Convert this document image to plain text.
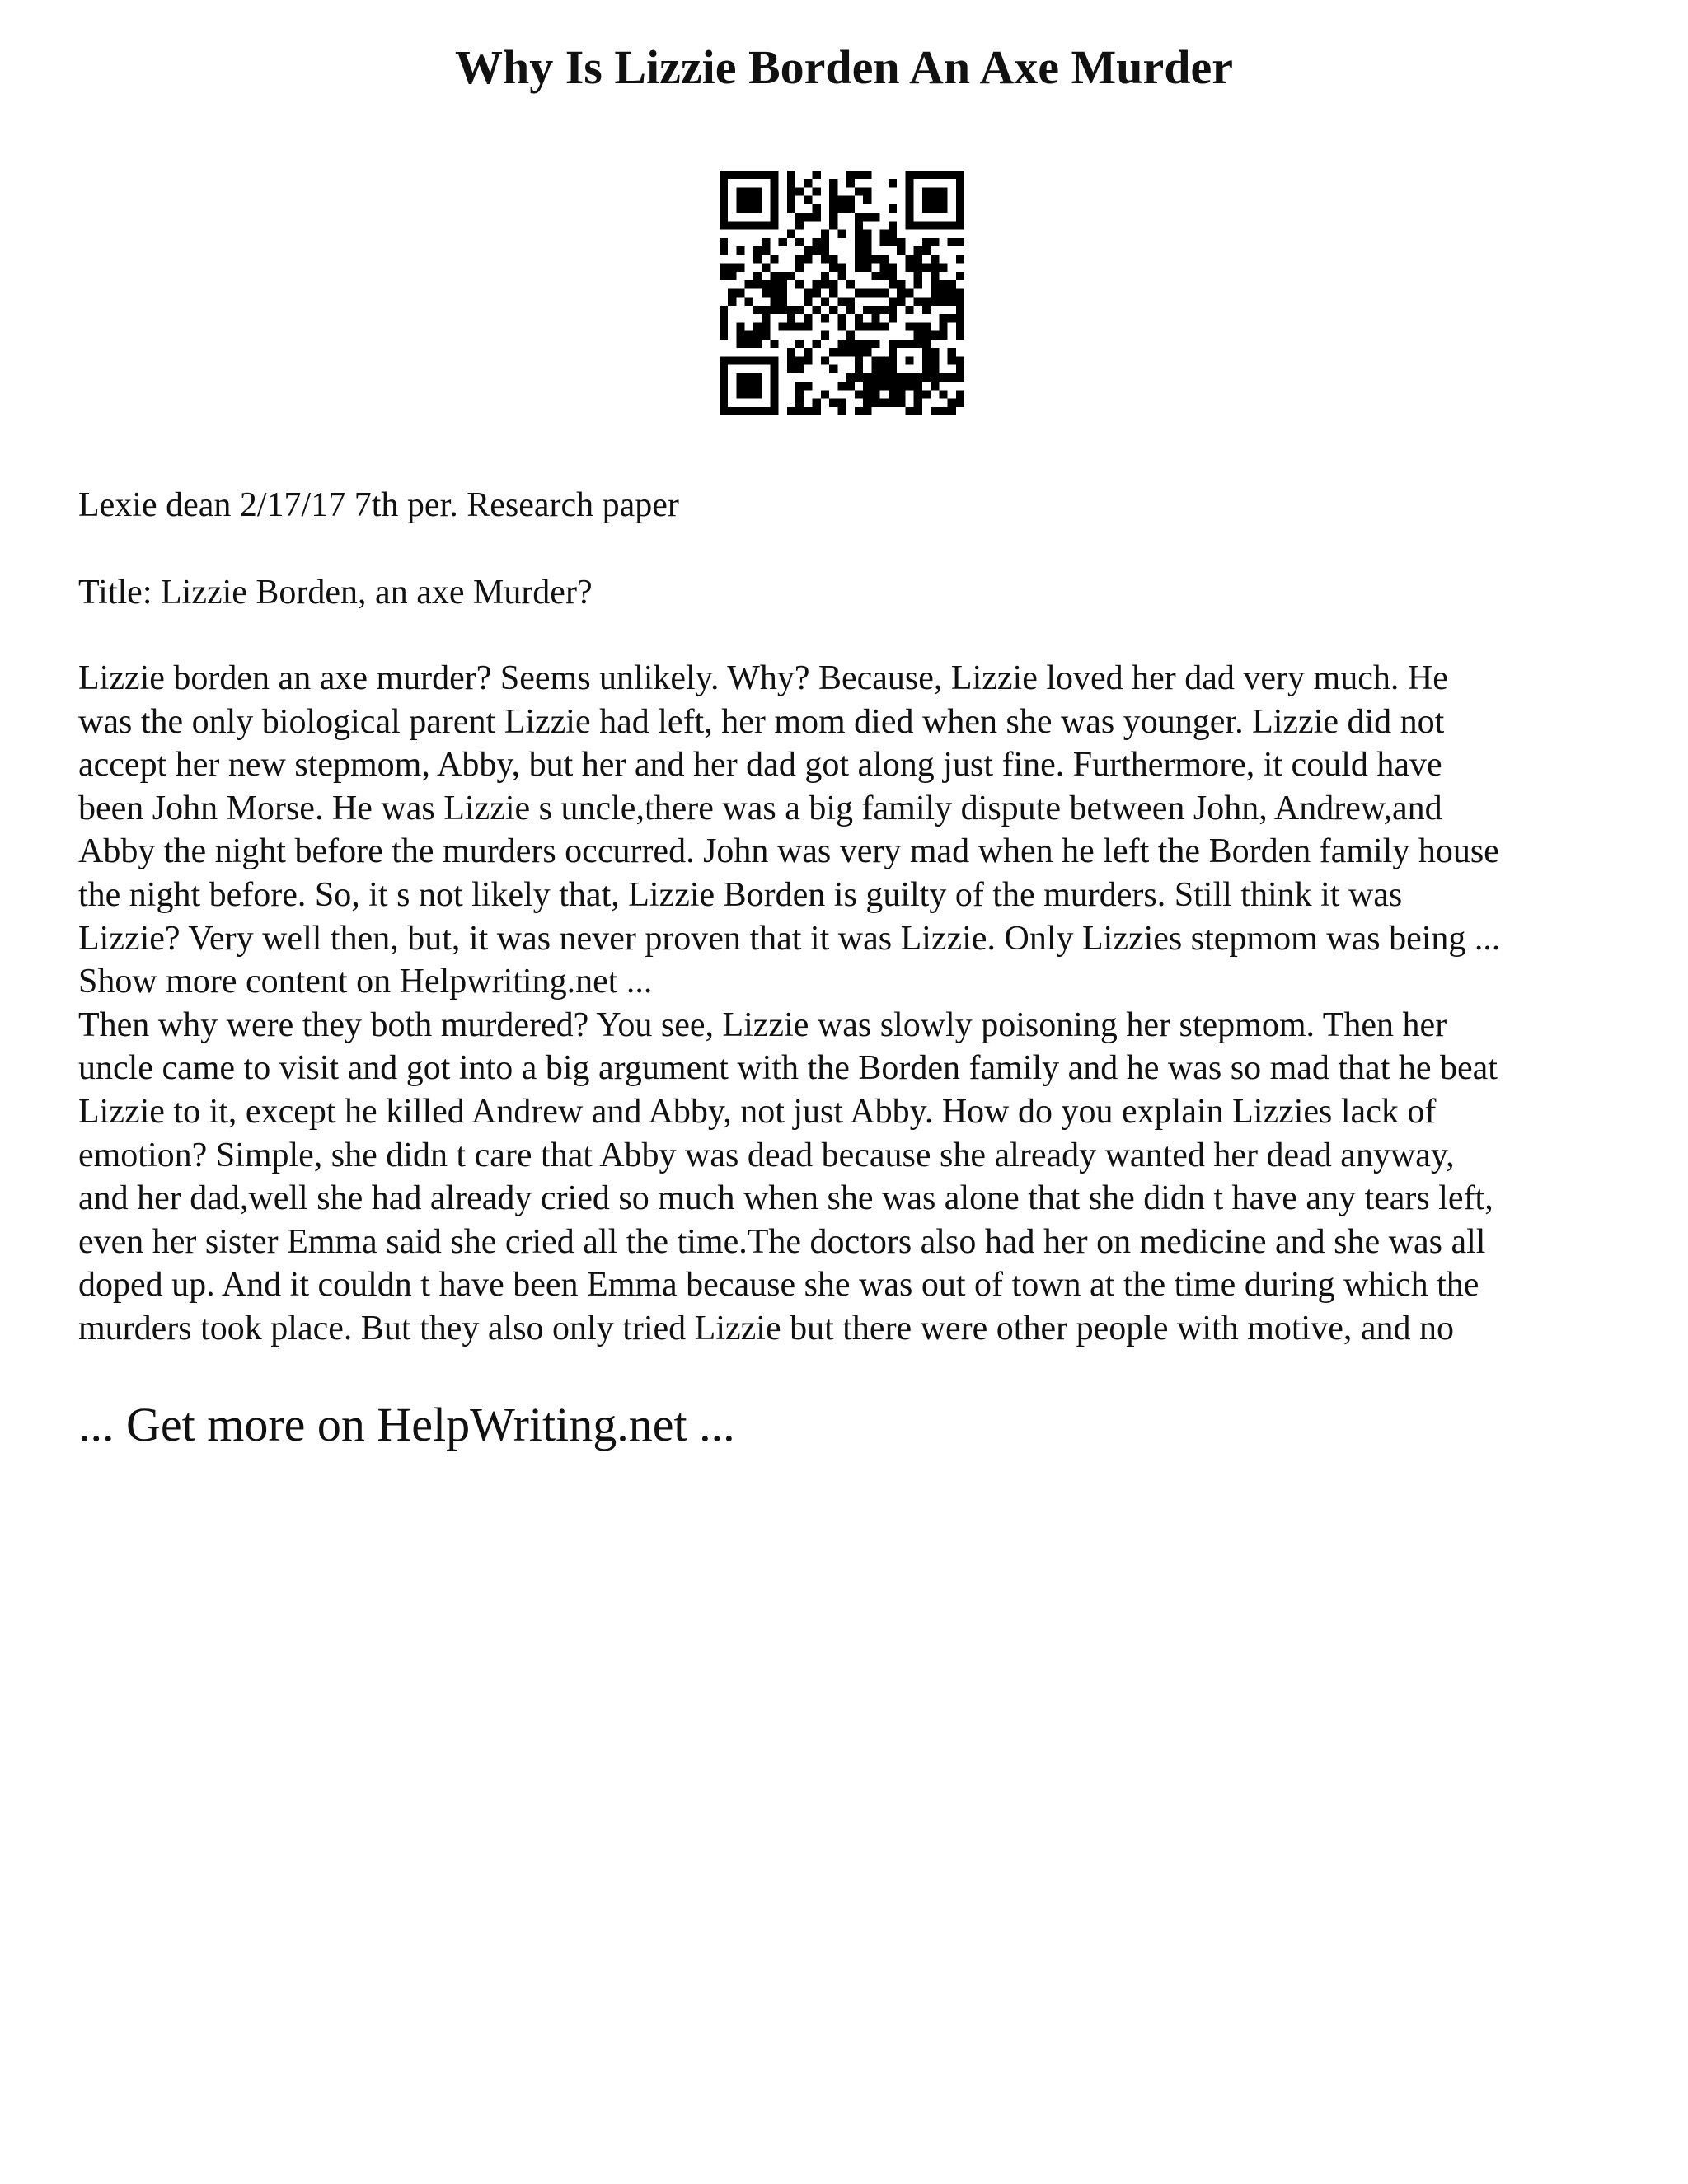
Why Is Lizzie Borden An Axe Murder

Lexie dean 2/17/17 7th per. Research paper

Title: Lizzie Borden, an axe Murder?

Lizzie borden an axe murder? Seems unlikely. Why? Because, Lizzie loved her dad very much. He
was the only biological parent Lizzie had left, her mom died when she was younger. Lizzie did not
accept her new stepmom, Abby, but her and her dad got along just fine. Furthermore, it could have
been John Morse. He was Lizzie s uncle,there was a big family dispute between John, Andrew,and
Abby the night before the murders occurred. John was very mad when he left the Borden family house
the night before. So, it s not likely that, Lizzie Borden is guilty of the murders. Still think it was
Lizzie? Very well then, but, it was never proven that it was Lizzie. Only Lizzies stepmom was being ...
Show more content on Helpwriting.net ...
Then why were they both murdered? You see, Lizzie was slowly poisoning her stepmom. Then her
uncle came to visit and got into a big argument with the Borden family and he was so mad that he beat
Lizzie to it, except he killed Andrew and Abby, not just Abby. How do you explain Lizzies lack of
emotion? Simple, she didn t care that Abby was dead because she already wanted her dead anyway,
and her dad,well she had already cried so much when she was alone that she didn t have any tears left,
even her sister Emma said she cried all the time.The doctors also had her on medicine and she was all
doped up. And it couldn t have been Emma because she was out of town at the time during which the
murders took place. But they also only tried Lizzie but there were other people with motive, and no
... Get more on HelpWriting.net ...
